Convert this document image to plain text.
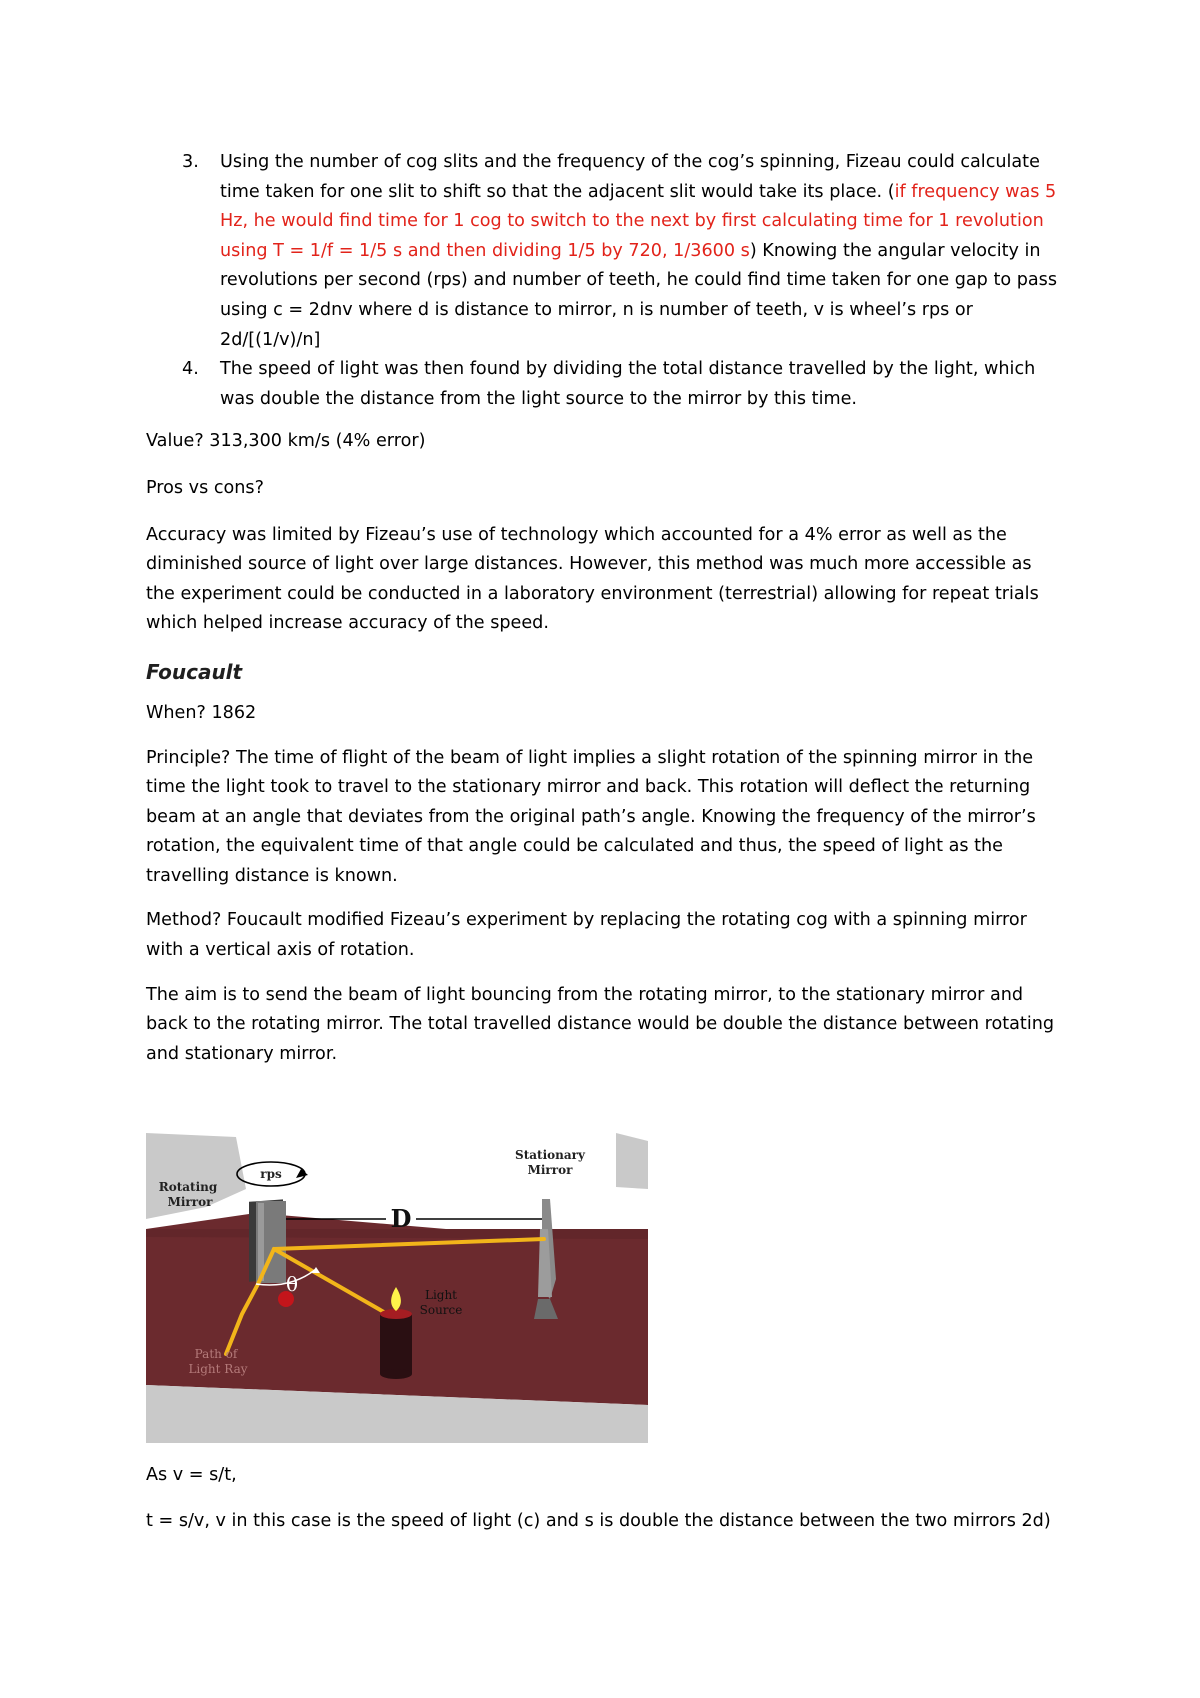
3. Using the number of cog slits and the frequency of the cog’s spinning, Fizeau could calculate time taken for one slit to shift so that the adjacent slit would take its place. (if frequency was 5 Hz, he would find time for 1 cog to switch to the next by first calculating time for 1 revolution using T = 1/f = 1/5 s and then dividing 1/5 by 720, 1/3600 s) Knowing the angular velocity in revolutions per second (rps) and number of teeth, he could find time taken for one gap to pass using c = 2dnv where d is distance to mirror, n is number of teeth, v is wheel’s rps or 2d/[(1/v)/n]
4. The speed of light was then found by dividing the total distance travelled by the light, which was double the distance from the light source to the mirror by this time.

Value? 313,300 km/s (4% error)

Pros vs cons?

Accuracy was limited by Fizeau’s use of technology which accounted for a 4% error as well as the diminished source of light over large distances. However, this method was much more accessible as the experiment could be conducted in a laboratory environment (terrestrial) allowing for repeat trials which helped increase accuracy of the speed.

Foucault

When? 1862

Principle? The time of flight of the beam of light implies a slight rotation of the spinning mirror in the time the light took to travel to the stationary mirror and back. This rotation will deflect the returning beam at an angle that deviates from the original path’s angle. Knowing the frequency of the mirror’s rotation, the equivalent time of that angle could be calculated and thus, the speed of light as the travelling distance is known.

Method? Foucault modified Fizeau’s experiment by replacing the rotating cog with a spinning mirror with a vertical axis of rotation.

The aim is to send the beam of light bouncing from the rotating mirror, to the stationary mirror and back to the rotating mirror. The total travelled distance would be double the distance between rotating and stationary mirror.

Rotating
Mirror
rps
Stationary
Mirror
D
θ	Light
Source
Path of
Light Ray

As v = s/t,

t = s/v, v in this case is the speed of light (c) and s is double the distance between the two mirrors 2d)
